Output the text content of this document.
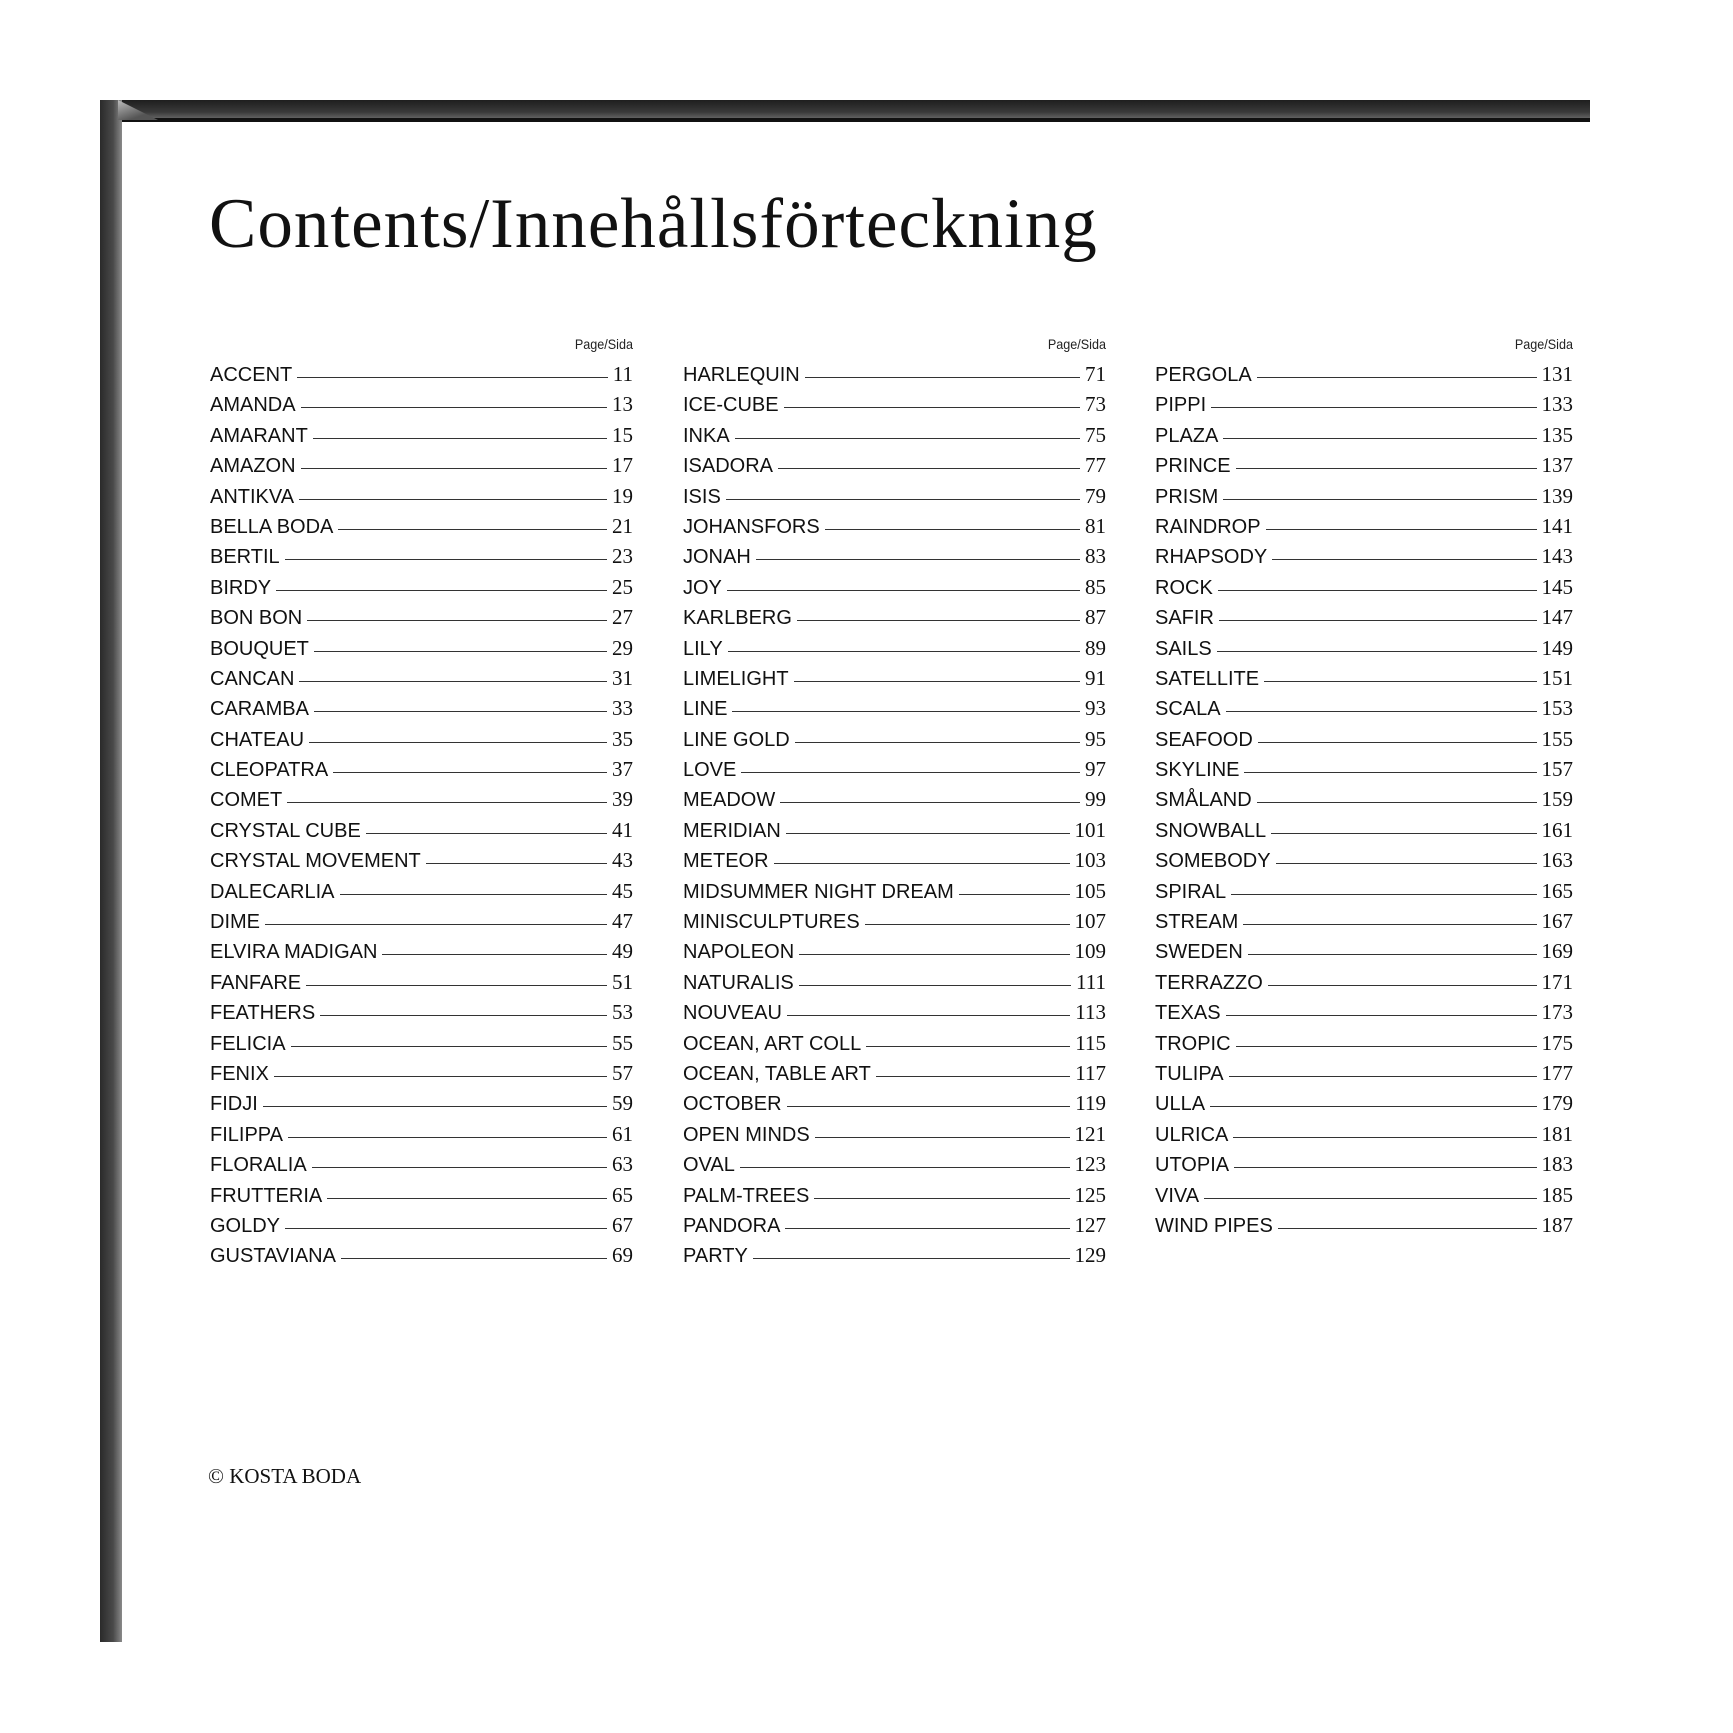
Contents/Innehållsförteckning
Page/Sida
ACCENT	11
AMANDA	13
AMARANT	15
AMAZON	17
ANTIKVA	19
BELLA BODA	21
BERTIL	23
BIRDY	25
BON BON	27
BOUQUET	29
CANCAN	31
CARAMBA	33
CHATEAU	35
CLEOPATRA	37
COMET	39
CRYSTAL CUBE	41
CRYSTAL MOVEMENT	43
DALECARLIA	45
DIME	47
ELVIRA MADIGAN	49
FANFARE	51
FEATHERS	53
FELICIA	55
FENIX	57
FIDJI	59
FILIPPA	61
FLORALIA	63
FRUTTERIA	65
GOLDY	67
GUSTAVIANA	69
Page/Sida
HARLEQUIN	71
ICE-CUBE	73
INKA	75
ISADORA	77
ISIS	79
JOHANSFORS	81
JONAH	83
JOY	85
KARLBERG	87
LILY	89
LIMELIGHT	91
LINE	93
LINE GOLD	95
LOVE	97
MEADOW	99
MERIDIAN	101
METEOR	103
MIDSUMMER NIGHT DREAM	105
MINISCULPTURES	107
NAPOLEON	109
NATURALIS	111
NOUVEAU	113
OCEAN, ART COLL	115
OCEAN, TABLE ART	117
OCTOBER	119
OPEN MINDS	121
OVAL	123
PALM-TREES	125
PANDORA	127
PARTY	129
Page/Sida
PERGOLA	131
PIPPI	133
PLAZA	135
PRINCE	137
PRISM	139
RAINDROP	141
RHAPSODY	143
ROCK	145
SAFIR	147
SAILS	149
SATELLITE	151
SCALA	153
SEAFOOD	155
SKYLINE	157
SMÅLAND	159
SNOWBALL	161
SOMEBODY	163
SPIRAL	165
STREAM	167
SWEDEN	169
TERRAZZO	171
TEXAS	173
TROPIC	175
TULIPA	177
ULLA	179
ULRICA	181
UTOPIA	183
VIVA	185
WIND PIPES	187
© KOSTA BODA
